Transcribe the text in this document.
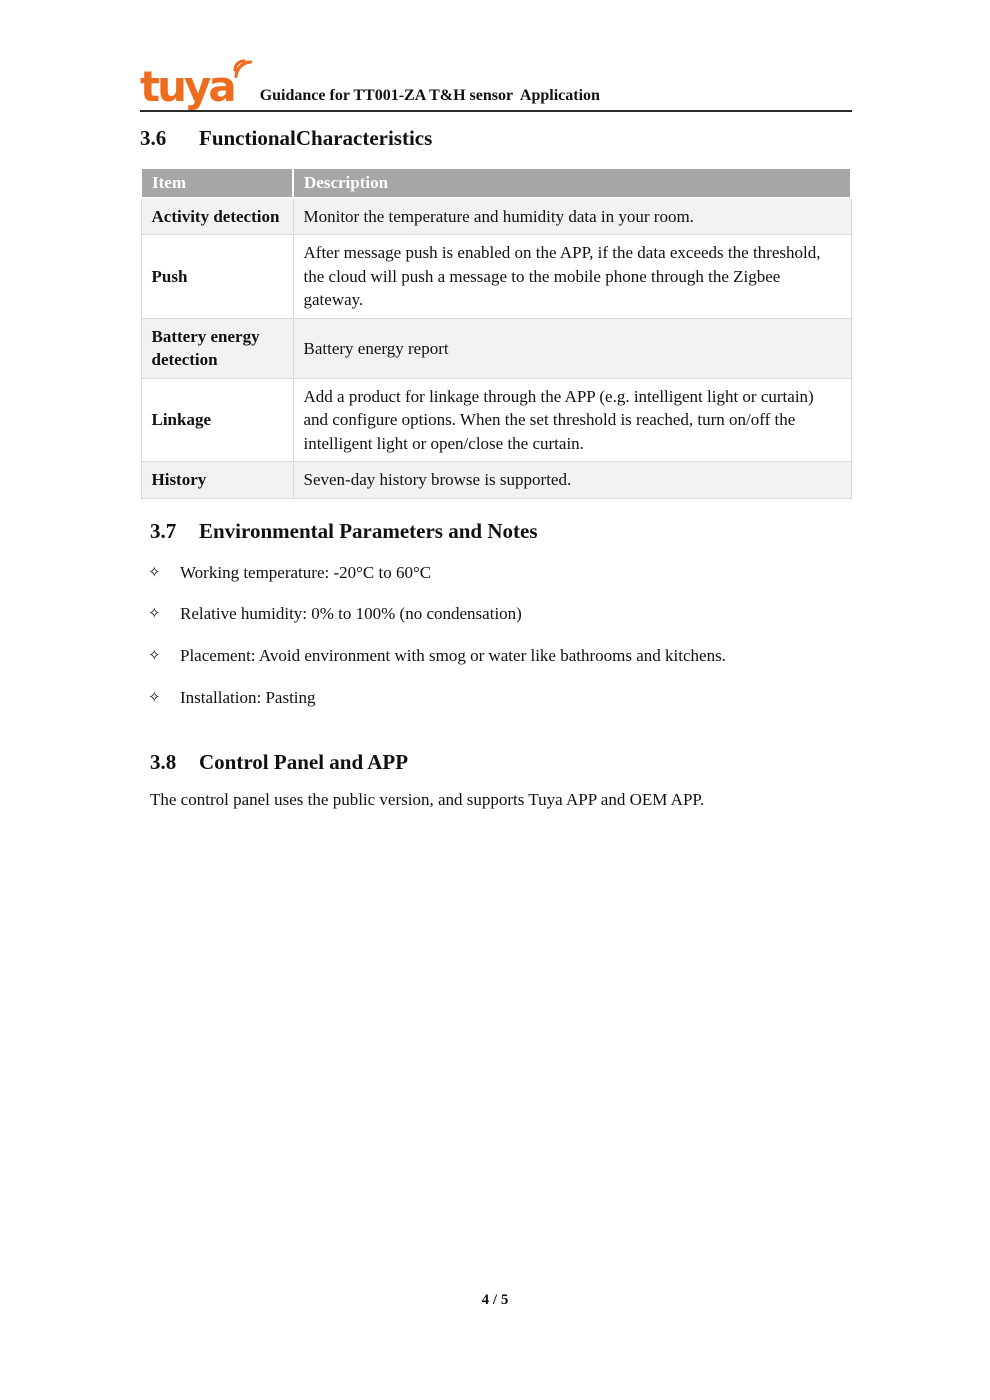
tuya	Guidance for TT001-ZA T&H sensor  Application
3.6	FunctionalCharacteristics
Item	Description
Activity detection	Monitor the temperature and humidity data in your room.
Push	After message push is enabled on the APP, if the data exceeds the threshold, the cloud will push a message to the mobile phone through the Zigbee gateway.
Battery energy detection	Battery energy report
Linkage	Add a product for linkage through the APP (e.g. intelligent light or curtain) and configure options. When the set threshold is reached, turn on/off the intelligent light or open/close the curtain.
History	Seven-day history browse is supported.
3.7	Environmental Parameters and Notes
✧	Working temperature: -20°C to 60°C
✧	Relative humidity: 0% to 100% (no condensation)
✧	Placement: Avoid environment with smog or water like bathrooms and kitchens.
✧	Installation: Pasting
3.8	Control Panel and APP

The control panel uses the public version, and supports Tuya APP and OEM APP.

4 / 5
